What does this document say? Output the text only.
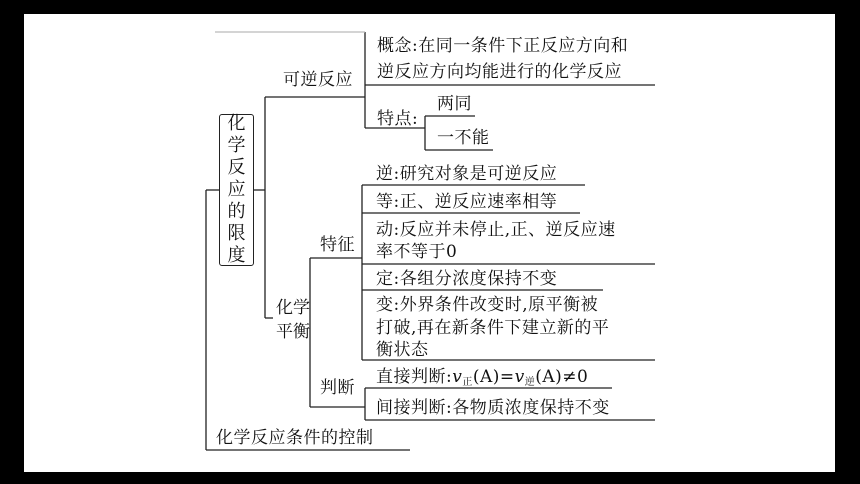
化学反应的限度
可逆反应
概念:在同一条件下正反应方向和
逆反应方向均能进行的化学反应
特点:
两同
一不能
化学
平衡
特征
逆:研究对象是可逆反应
等:正、逆反应速率相等
动:反应并未停止,正、逆反应速
率不等于0
定:各组分浓度保持不变
变:外界条件改变时,原平衡被
打破,再在新条件下建立新的平
衡状态
判断
直接判断$:v_正(A)=v_逆(A)\ne 0$
间接判断:各物质浓度保持不变
化学反应条件的控制
